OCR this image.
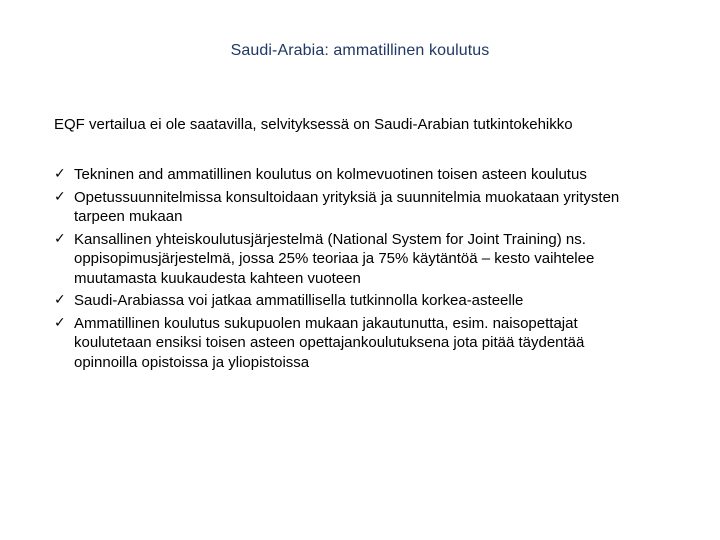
Saudi-Arabia: ammatillinen koulutus
EQF vertailua ei ole saatavilla, selvityksessä on Saudi-Arabian tutkintokehikko
✓ Tekninen and ammatillinen koulutus on kolmevuotinen toisen asteen koulutus
✓ Opetussuunnitelmissa konsultoidaan yrityksiä ja suunnitelmia muokataan yritysten tarpeen mukaan
✓ Kansallinen yhteiskoulutusjärjestelmä (National System for Joint Training) ns. oppisopimusjärjestelmä, jossa 25% teoriaa ja 75% käytäntöä – kesto vaihtelee muutamasta kuukaudesta kahteen vuoteen
✓ Saudi-Arabiassa voi jatkaa ammatillisella tutkinnolla korkea-asteelle
✓ Ammatillinen koulutus sukupuolen mukaan jakautunutta, esim. naisopettajat koulutetaan ensiksi toisen asteen opettajankoulutuksena jota pitää täydentää opinnoilla opistoissa ja yliopistoissa
